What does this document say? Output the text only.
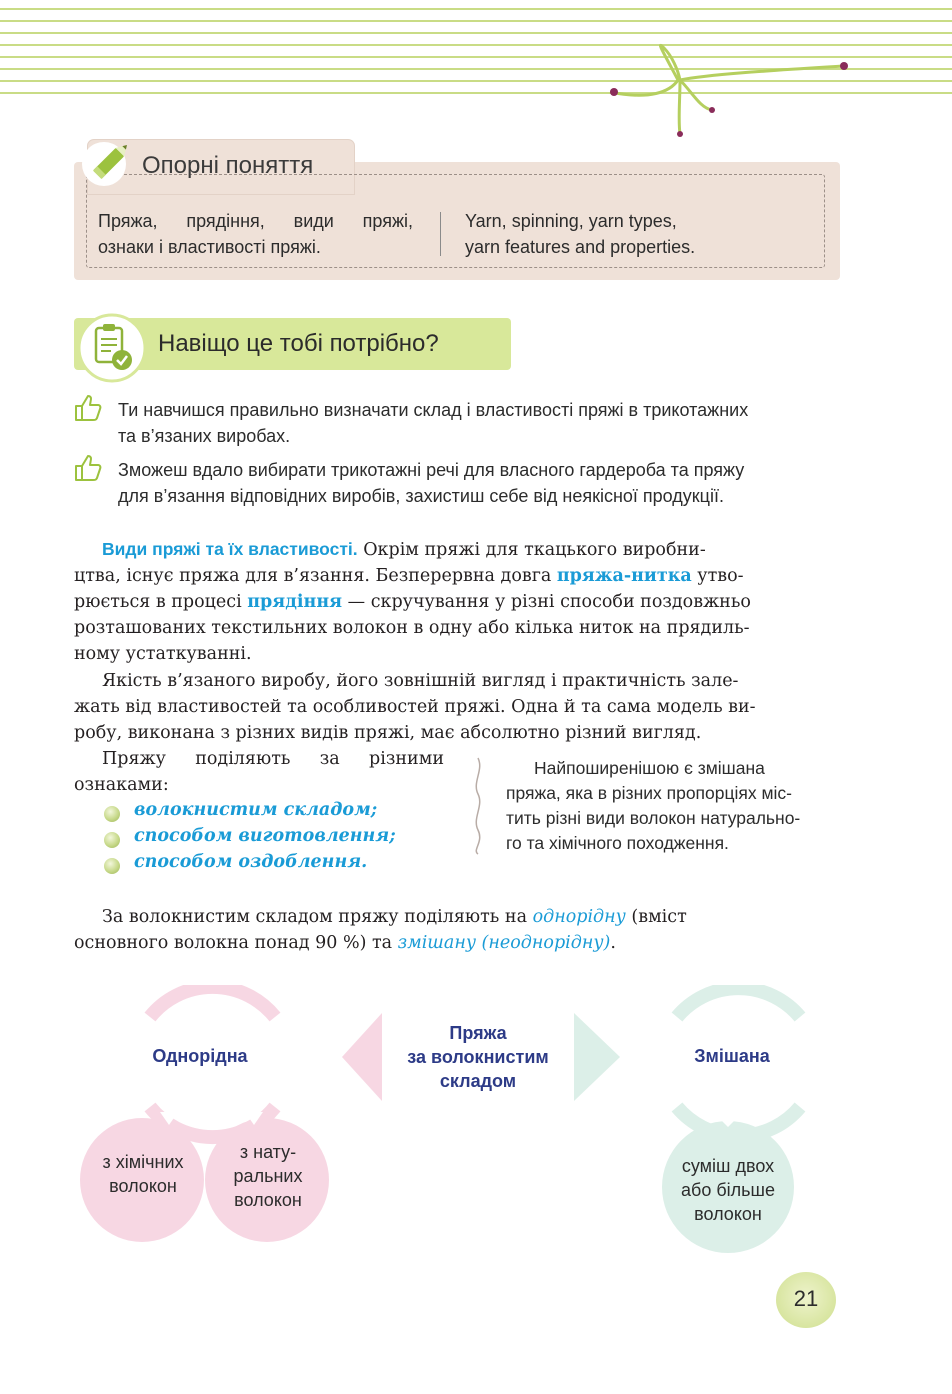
Опорні поняття
Пряжа, прядіння, види пряжі,
ознаки і властивості пряжі.
Yarn, spinning, yarn types,
yarn features and properties.
Навіщо це тобі потрібно?
Ти навчишся правильно визначати склад і властивості пряжі в трикотажних
та в’язаних виробах.
Зможеш вдало вибирати трикотажні речі для власного гардероба та пряжу
для в’язання відповідних виробів, захистиш себе від неякісної продукції.
Види пряжі та їх властивості. Окрім пряжі для ткацького виробни-
цтва, існує пряжа для в’язання. Безперервна довга пряжа-нитка утво-
рюється в процесі прядіння — скручування у різні способи поздовжньо
розташованих текстильних волокон в одну або кілька ниток на прядиль-
ному устаткуванні.
Якість в’язаного виробу, його зовнішній вигляд і практичність зале-
жать від властивостей та особливостей пряжі. Одна й та сама модель ви-
робу, виконана з різних видів пряжі, має абсолютно різний вигляд.
Пряжу поділяють за різними
ознаками:
волокнистим складом;
способом виготовлення;
способом оздоблення.
Найпоширенішою є змішана
пряжа, яка в різних пропорціях міс-
тить різні види волокон натурально-
го та хімічного походження.
За волокнистим складом пряжу поділяють на однорідну (вміст
основного волокна понад 90 %) та змішану (неоднорідну).
Пряжа
за волокнистим
складом
Однорідна	Змішана
з хімічних
волокон
з нату-
ральних
волокон
суміш двох
або більше
волокон
21
